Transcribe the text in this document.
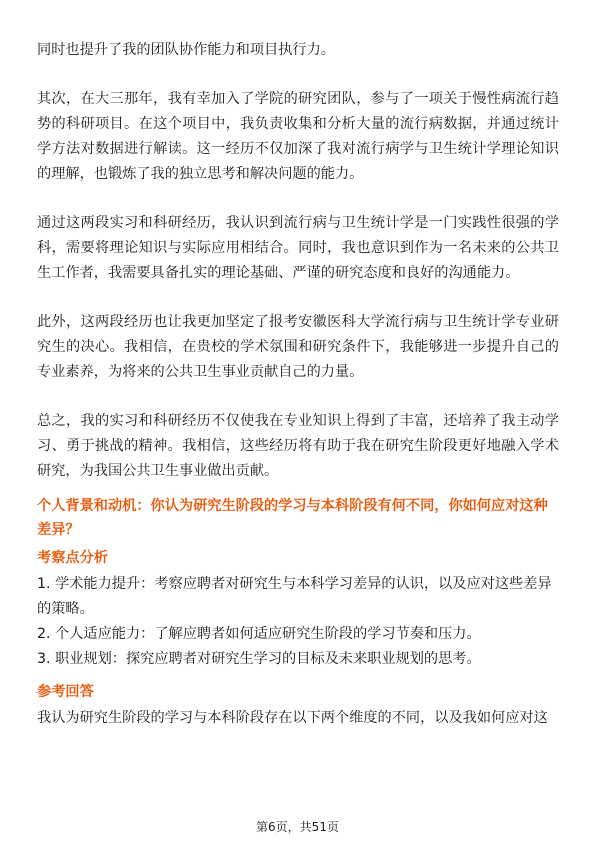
同时也提升了我的团队协作能力和项目执行力。

其次，在大三那年，我有幸加入了学院的研究团队，参与了一项关于慢性病流行趋势的科研项目。在这个项目中，我负责收集和分析大量的流行病数据，并通过统计学方法对数据进行解读。这一经历不仅加深了我对流行病学与卫生统计学理论知识的理解，也锻炼了我的独立思考和解决问题的能力。

通过这两段实习和科研经历，我认识到流行病与卫生统计学是一门实践性很强的学科，需要将理论知识与实际应用相结合。同时，我也意识到作为一名未来的公共卫生工作者，我需要具备扎实的理论基础、严谨的研究态度和良好的沟通能力。

此外，这两段经历也让我更加坚定了报考安徽医科大学流行病与卫生统计学专业研究生的决心。我相信，在贵校的学术氛围和研究条件下，我能够进一步提升自己的专业素养，为将来的公共卫生事业贡献自己的力量。

总之，我的实习和科研经历不仅使我在专业知识上得到了丰富，还培养了我主动学习、勇于挑战的精神。我相信，这些经历将有助于我在研究生阶段更好地融入学术研究，为我国公共卫生事业做出贡献。

个人背景和动机：你认为研究生阶段的学习与本科阶段有何不同，你如何应对这种差异？

考察点分析

1. 学术能力提升：考察应聘者对研究生与本科学习差异的认识，以及应对这些差异的策略。

2. 个人适应能力：了解应聘者如何适应研究生阶段的学习节奏和压力。

3. 职业规划：探究应聘者对研究生学习的目标及未来职业规划的思考。

参考回答

我认为研究生阶段的学习与本科阶段存在以下两个维度的不同，以及我如何应对这

第6页，共51页
